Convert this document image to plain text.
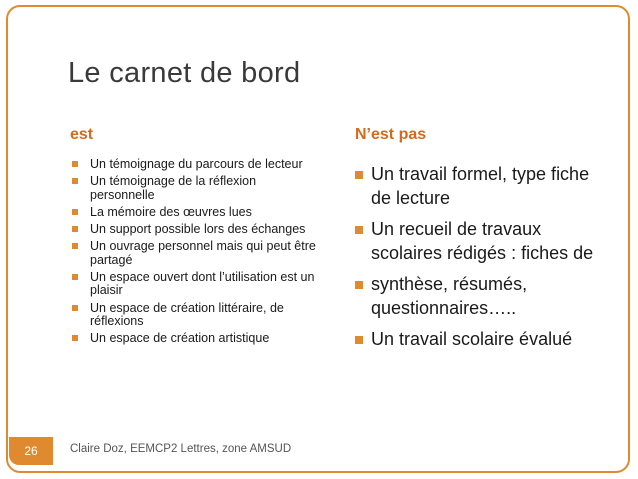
Le carnet de bord
est	N’est pas
Un témoignage du parcours de lecteur
Un témoignage de la réflexion personnelle
La mémoire des œuvres lues
Un support possible lors des échanges
Un ouvrage personnel mais qui peut être partagé
Un espace ouvert dont l’utilisation est un plaisir
Un espace de création littéraire, de réflexions
Un espace de création artistique
Un travail formel, type fiche de lecture
Un recueil de travaux scolaires rédigés : fiches de
synthèse, résumés, questionnaires…..
Un travail scolaire évalué
26	Claire Doz, EEMCP2 Lettres, zone AMSUD
